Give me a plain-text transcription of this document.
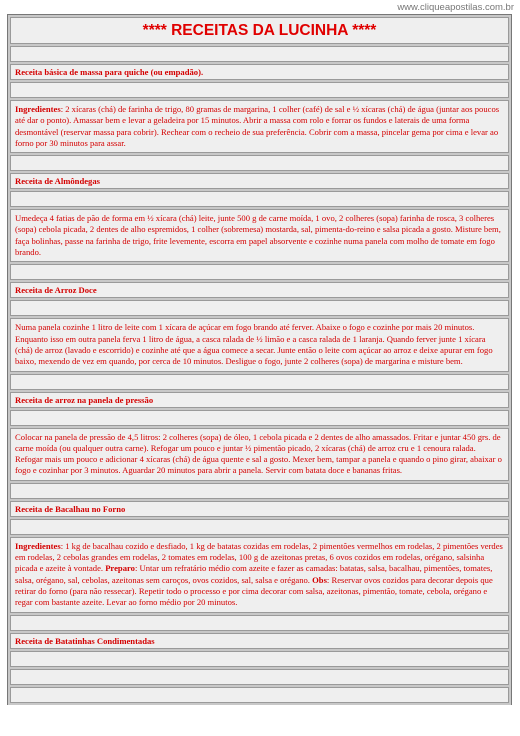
www.cliqueapostilas.com.br
**** RECEITAS DA LUCINHA ****
Receita básica de massa para quiche (ou empadão).
Ingredientes: 2 xícaras (chá) de farinha de trigo, 80 gramas de margarina, 1 colher (café) de sal e ½ xícaras (chá) de água (juntar aos poucos até dar o ponto). Amassar bem e levar a geladeira por 15 minutos. Abrir a massa com rolo e forrar os fundos e laterais de uma forma desmontável (reservar massa para cobrir). Rechear com o recheio de sua preferência. Cobrir com a massa, pincelar gema por cima e levar ao forno por 30 minutos para assar.
Receita de Almôndegas
Umedeça 4 fatias de pão de forma em ½ xícara (chá) leite, junte 500 g de carne moída, 1 ovo, 2 colheres (sopa) farinha de rosca, 3 colheres (sopa) cebola picada, 2 dentes de alho espremidos, 1 colher (sobremesa) mostarda, sal, pimenta-do-reino e salsa picada a gosto. Misture bem, faça bolinhas, passe na farinha de trigo, frite levemente, escorra em papel absorvente e cozinhe numa panela com molho de tomate em fogo brando.
Receita de Arroz Doce
Numa panela cozinhe 1 litro de leite com 1 xícara de açúcar em fogo brando até ferver. Abaixe o fogo e cozinhe por mais 20 minutos. Enquanto isso em outra panela ferva 1 litro de água, a casca ralada de ½ limão e a casca ralada de 1 laranja. Quando ferver junte 1 xícara (chá) de arroz (lavado e escorrido) e cozinhe até que a água comece a secar. Junte então o leite com açúcar ao arroz e deixe apurar em fogo baixo, mexendo de vez em quando, por cerca de 10 minutos. Desligue o fogo, junte 2 colheres (sopa) de margarina e misture bem.
Receita de arroz na panela de pressão
Colocar na panela de pressão de 4,5 litros: 2 colheres (sopa) de óleo, 1 cebola picada e 2 dentes de alho amassados. Fritar e juntar 450 grs. de carne moída (ou qualquer outra carne). Refogar um pouco e juntar ½ pimentão picado, 2 xícaras (chá) de arroz cru e 1 cenoura ralada. Refogar mais um pouco e adicionar 4 xícaras (chá) de água quente e sal a gosto. Mexer bem, tampar a panela e quando o pino girar, abaixar o fogo e cozinhar por 3 minutos. Aguardar 20 minutos para abrir a panela. Servir com batata doce e bananas fritas.
Receita de Bacalhau no Forno
Ingredientes: 1 kg de bacalhau cozido e desfiado, 1 kg de batatas cozidas em rodelas, 2 pimentões vermelhos em rodelas, 2 pimentões verdes em rodelas, 2 cebolas grandes em rodelas, 2 tomates em rodelas, 100 g de azeitonas pretas, 6 ovos cozidos em rodelas, orégano, salsinha picada e azeite à vontade. Preparo: Untar um refratário médio com azeite e fazer as camadas: batatas, salsa, bacalhau, pimentões, tomates, salsa, orégano, sal, cebolas, azeitonas sem caroços, ovos cozidos, sal, salsa e orégano. Obs: Reservar ovos cozidos para decorar depois que retirar do forno (para não ressecar). Repetir todo o processo e por cima decorar com salsa, azeitonas, pimentão, tomate, cebola, orégano e regar com bastante azeite. Levar ao forno médio por 20 minutos.
Receita de Batatinhas Condimentadas
